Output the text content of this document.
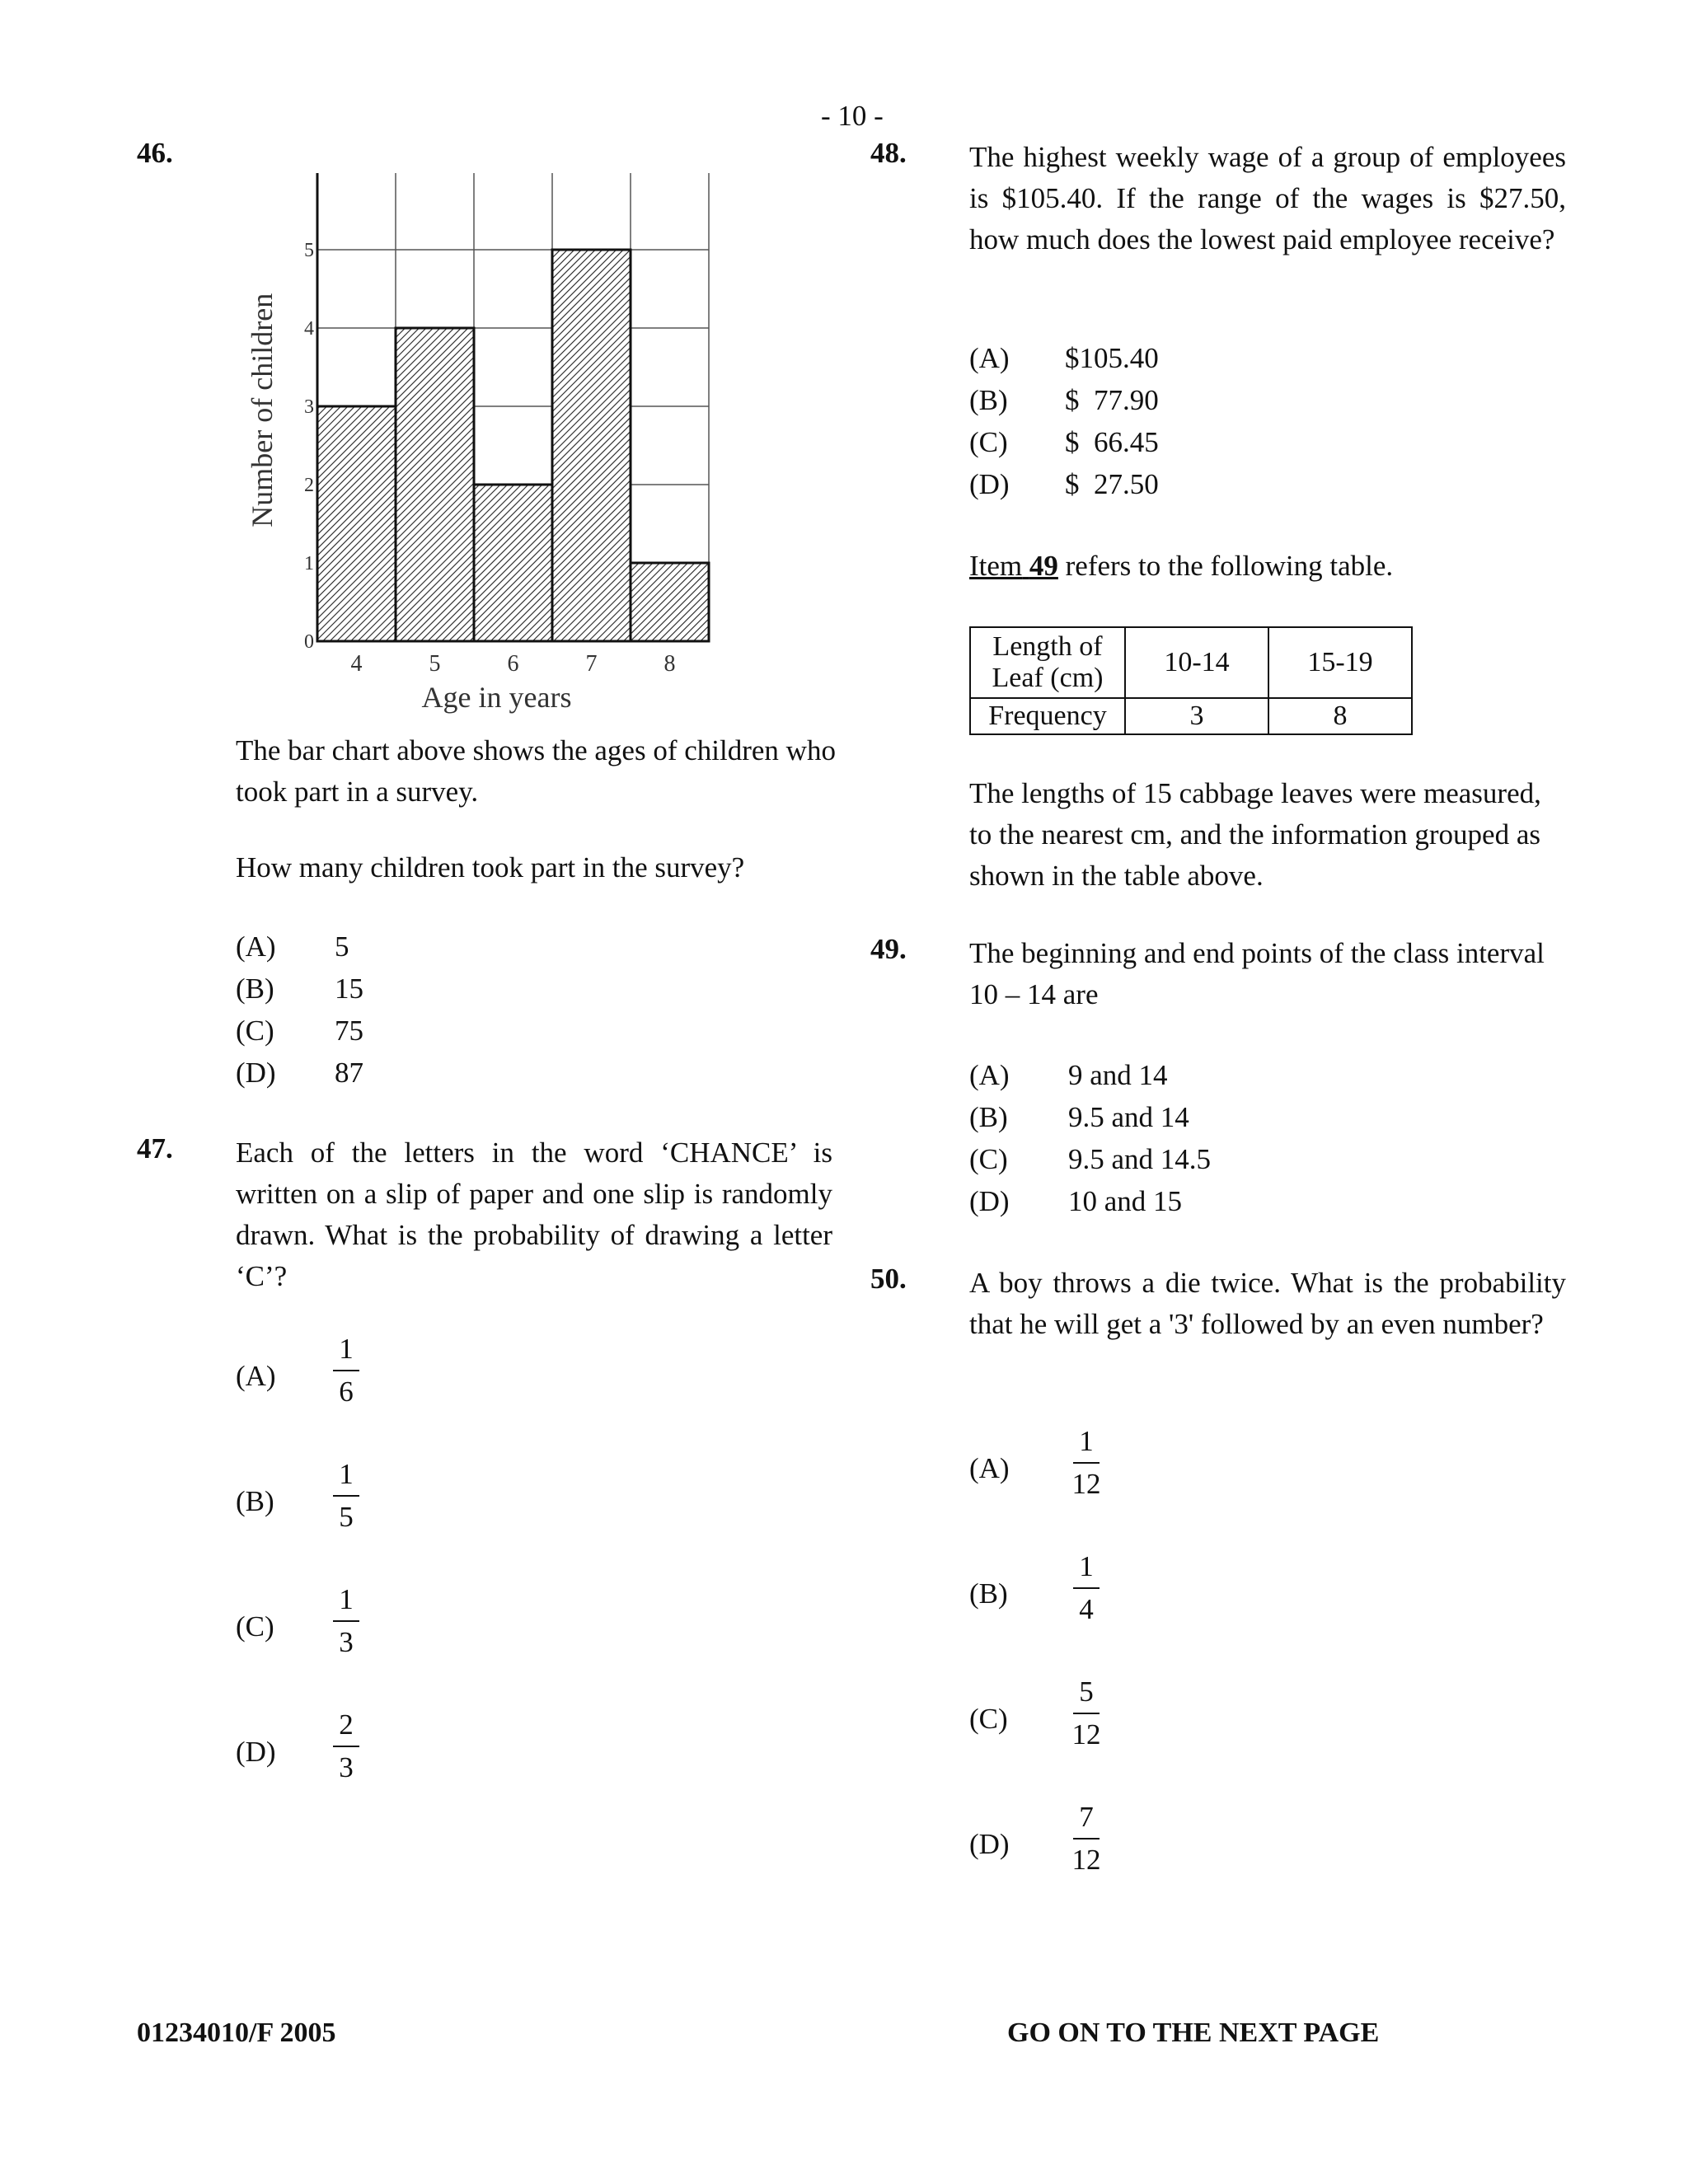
- 10 -
46.
0
1
2
3
4
5
4	5	6	7	8
Age in years
Number of children
The bar chart above shows the ages of children who took part in a survey.
How many children took part in the survey?
(A) 5
(B) 15
(C) 75
(D) 87
47. Each of the letters in the word ‘CHANCE’ is written on a slip of paper and one slip is randomly drawn. What is the probability of drawing a letter ‘C’?
(A)
1
6
(B)
1
5
(C)
1
3
(D)
2
3
48. The highest weekly wage of a group of employees is $105.40. If the range of the wages is $27.50, how much does the lowest paid employee receive?
(A) $105.40
(B) $  77.90
(C) $  66.45
(D) $  27.50
Item 49 refers to the following table.
Length of Leaf (cm)	10-14	15-19
Frequency	3	8
The lengths of 15 cabbage leaves were measured, to the nearest cm, and the information grouped as shown in the table above.
49. The beginning and end points of the class interval
10 – 14 are
(A) 9 and 14
(B) 9.5 and 14
(C) 9.5 and 14.5
(D) 10 and 15
50. A boy throws a die twice. What is the probability that he will get a '3' followed by an even number?
(A)
1
12
(B)
1
4
(C)
5
12
(D)
7
12
01234010/F 2005	GO ON TO THE NEXT PAGE
